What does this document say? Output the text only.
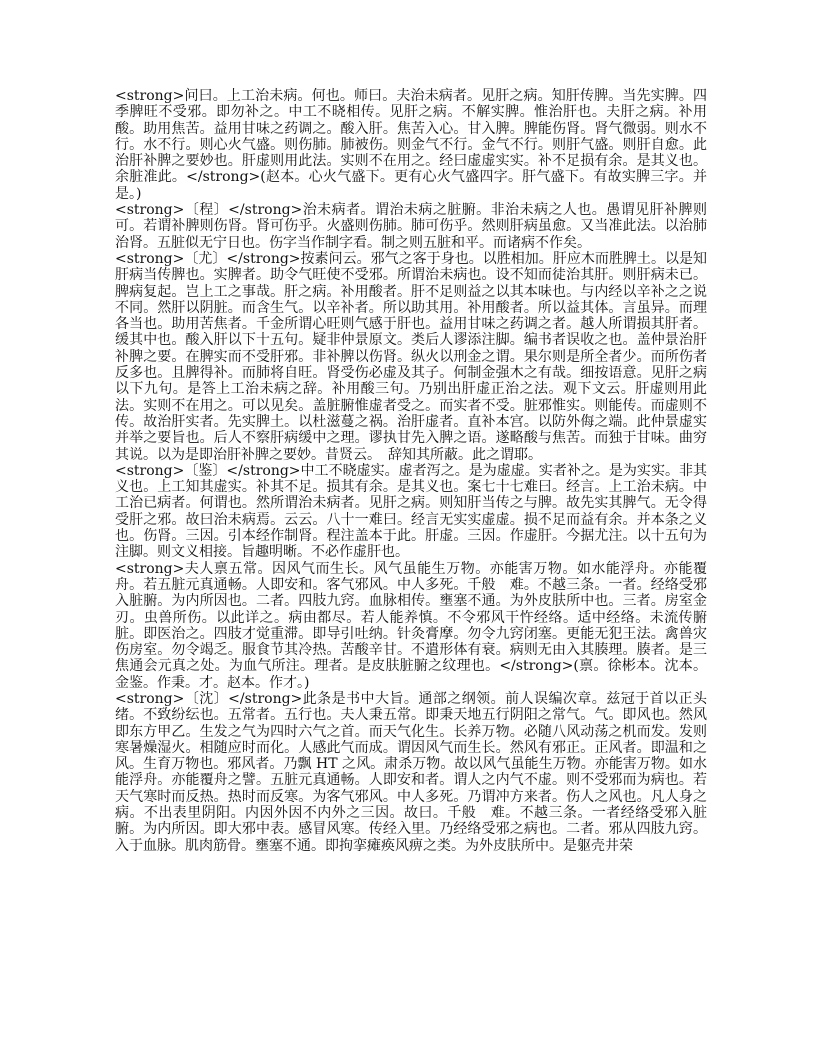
<strong>问曰。上工治未病。何也。师曰。夫治未病者。见肝之病。知肝传脾。当先实脾。四季脾旺不受邪。即勿补之。中工不晓相传。见肝之病。不解实脾。惟治肝也。夫肝之病。补用酸。助用焦苦。益用甘味之药调之。酸入肝。焦苦入心。甘入脾。脾能伤肾。肾气微弱。则水不行。水不行。则心火气盛。则伤肺。肺被伤。则金气不行。金气不行。则肝气盛。则肝自愈。此治肝补脾之要妙也。肝虚则用此法。实则不在用之。经曰虚虚实实。补不足损有余。是其义也。余脏准此。</strong>(赵本。心火气盛下。更有心火气盛四字。肝气盛下。有故实脾三字。并是。)

<strong>〔程〕</strong>治未病者。谓治未病之脏腑。非治未病之人也。愚谓见肝补脾则可。若谓补脾则伤肾。肾可伤乎。火盛则伤肺。肺可伤乎。然则肝病虽愈。又当准此法。以治肺治肾。五脏似无宁日也。伤字当作制字看。制之则五脏和平。而诸病不作矣。

<strong>〔尤〕</strong>按素问云。邪气之客于身也。以胜相加。肝应木而胜脾土。以是知肝病当传脾也。实脾者。助令气旺使不受邪。所谓治未病也。设不知而徒治其肝。则肝病未已。脾病复起。岂上工之事哉。肝之病。补用酸者。肝不足则益之以其本味也。与内经以辛补之之说不同。然肝以阴脏。而含生气。以辛补者。所以助其用。补用酸者。所以益其体。言虽异。而理各当也。助用苦焦者。千金所谓心旺则气感于肝也。益用甘味之药调之者。越人所谓损其肝者。缓其中也。酸入肝以下十五句。疑非仲景原文。类后人谬添注脚。编书者误收之也。盖仲景治肝补脾之要。在脾实而不受肝邪。非补脾以伤肾。纵火以刑金之谓。果尔则是所全者少。而所伤者反多也。且脾得补。而肺将自旺。肾受伤必虚及其子。何制金强木之有哉。细按语意。见肝之病以下九句。是答上工治未病之辞。补用酸三句。乃别出肝虚正治之法。观下文云。肝虚则用此法。实则不在用之。可以见矣。盖脏腑惟虚者受之。而实者不受。脏邪惟实。则能传。而虚则不传。故治肝实者。先实脾土。以杜滋蔓之祸。治肝虚者。直补本宫。以防外侮之端。此仲景虚实并举之要旨也。后人不察肝病缓中之理。谬执甘先入脾之语。遂略酸与焦苦。而独于甘味。曲穷其说。以为是即治肝补脾之要妙。昔贤云。　辞知其所蔽。此之谓耶。

<strong>〔鉴〕</strong>中工不晓虚实。虚者泻之。是为虚虚。实者补之。是为实实。非其义也。上工知其虚实。补其不足。损其有余。是其义也。案七十七难曰。经言。上工治未病。中工治已病者。何谓也。然所谓治未病者。见肝之病。则知肝当传之与脾。故先实其脾气。无令得受肝之邪。故曰治未病焉。云云。八十一难曰。经言无实实虚虚。损不足而益有余。并本条之义也。伤肾。三因。引本经作制肾。程注盖本于此。肝虚。三因。作虚肝。今据尤注。以十五句为注脚。则文义相接。旨趣明晰。不必作虚肝也。

<strong>夫人禀五常。因风气而生长。风气虽能生万物。亦能害万物。如水能浮舟。亦能覆舟。若五脏元真通畅。人即安和。客气邪风。中人多死。千般　难。不越三条。一者。经络受邪入脏腑。为内所因也。二者。四肢九窍。血脉相传。壅塞不通。为外皮肤所中也。三者。房室金刃。虫兽所伤。以此详之。病由都尽。若人能养慎。不令邪风干忤经络。适中经络。未流传腑脏。即医治之。四肢才觉重滞。即导引吐纳。针灸膏摩。勿令九窍闭塞。更能无犯王法。禽兽灾伤房室。勿令竭乏。服食节其冷热。苦酸辛甘。不遣形体有衰。病则无由入其腠理。腠者。是三焦通会元真之处。为血气所注。理者。是皮肤脏腑之纹理也。</strong>(禀。徐彬本。沈本。金鉴。作秉。才。赵本。作才。)

<strong>〔沈〕</strong>此条是书中大旨。通部之纲领。前人误编次章。兹冠于首以正头绪。不致纷纭也。五常者。五行也。夫人秉五常。即秉天地五行阴阳之常气。气。即风也。然风即东方甲乙。生发之气为四时六气之首。而天气化生。长养万物。必随八风动荡之机而发。发则寒暑燥湿火。相随应时而化。人感此气而成。谓因风气而生长。然风有邪正。正风者。即温和之风。生育万物也。邪风者。乃飘 HT 之风。肃杀万物。故以风气虽能生万物。亦能害万物。如水能浮舟。亦能覆舟之譬。五脏元真通畅。人即安和者。谓人之内气不虚。则不受邪而为病也。若天气寒时而反热。热时而反寒。为客气邪风。中人多死。乃谓冲方来者。伤人之风也。凡人身之病。不出表里阴阳。内因外因不内外之三因。故曰。千般　难。不越三条。一者经络受邪入脏腑。为内所因。即大邪中表。感冒风寒。传经入里。乃经络受邪之病也。二者。邪从四肢九窍。入于血脉。肌肉筋骨。壅塞不通。即拘挛瘫痪风痹之类。为外皮肤所中。是躯壳井荣
